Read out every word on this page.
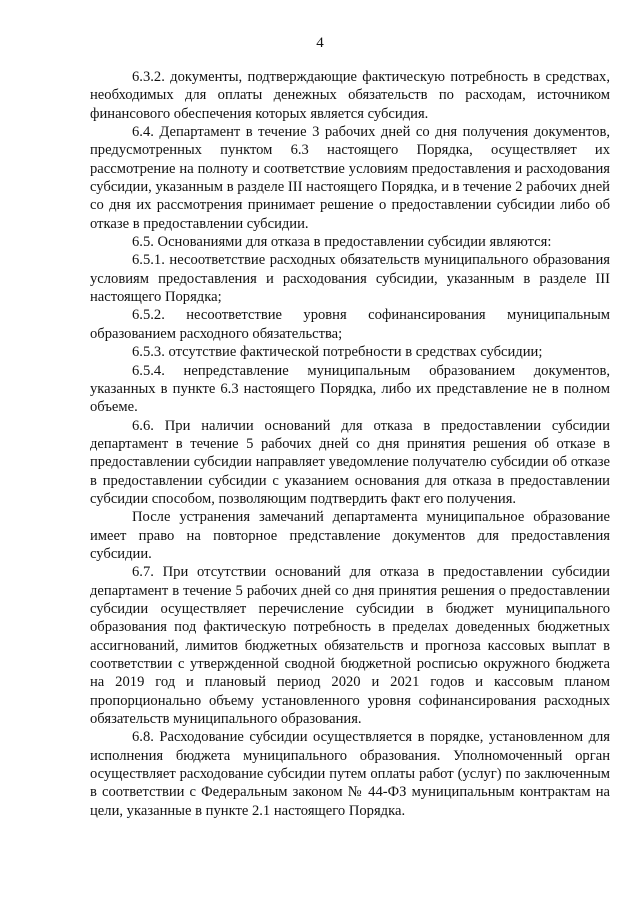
4

6.3.2. документы, подтверждающие фактическую потребность в средствах, необходимых для оплаты денежных обязательств по расходам, источником финансового обеспечения которых является субсидия.

6.4. Департамент в течение 3 рабочих дней со дня получения документов, предусмотренных пунктом 6.3 настоящего Порядка, осуществляет их рассмотрение на полноту и соответствие условиям предоставления и расходования субсидии, указанным в разделе III настоящего Порядка, и в течение 2 рабочих дней со дня их рассмотрения принимает решение о предоставлении субсидии либо об отказе в предоставлении субсидии.

6.5. Основаниями для отказа в предоставлении субсидии являются:

6.5.1. несоответствие расходных обязательств муниципального образования условиям предоставления и расходования субсидии, указанным в разделе III настоящего Порядка;

6.5.2. несоответствие уровня софинансирования муниципальным образованием расходного обязательства;

6.5.3. отсутствие фактической потребности в средствах субсидии;

6.5.4. непредставление муниципальным образованием документов, указанных в пункте 6.3 настоящего Порядка, либо их представление не в полном объеме.

6.6. При наличии оснований для отказа в предоставлении субсидии департамент в течение 5 рабочих дней со дня принятия решения об отказе в предоставлении субсидии направляет уведомление получателю субсидии об отказе в предоставлении субсидии с указанием основания для отказа в предоставлении субсидии способом, позволяющим подтвердить факт его получения.

После устранения замечаний департамента муниципальное образование имеет право на повторное представление документов для предоставления субсидии.

6.7. При отсутствии оснований для отказа в предоставлении субсидии департамент в течение 5 рабочих дней со дня принятия решения о предоставлении субсидии осуществляет перечисление субсидии в бюджет муниципального образования под фактическую потребность в пределах доведенных бюджетных ассигнований, лимитов бюджетных обязательств и прогноза кассовых выплат в соответствии с утвержденной сводной бюджетной росписью окружного бюджета на 2019 год и плановый период 2020 и 2021 годов и кассовым планом пропорционально объему установленного уровня софинансирования расходных обязательств муниципального образования.

6.8. Расходование субсидии осуществляется в порядке, установленном для исполнения бюджета муниципального образования. Уполномоченный орган осуществляет расходование субсидии путем оплаты работ (услуг) по заключенным в соответствии с Федеральным законом № 44-ФЗ муниципальным контрактам на цели, указанные в пункте 2.1 настоящего Порядка.
